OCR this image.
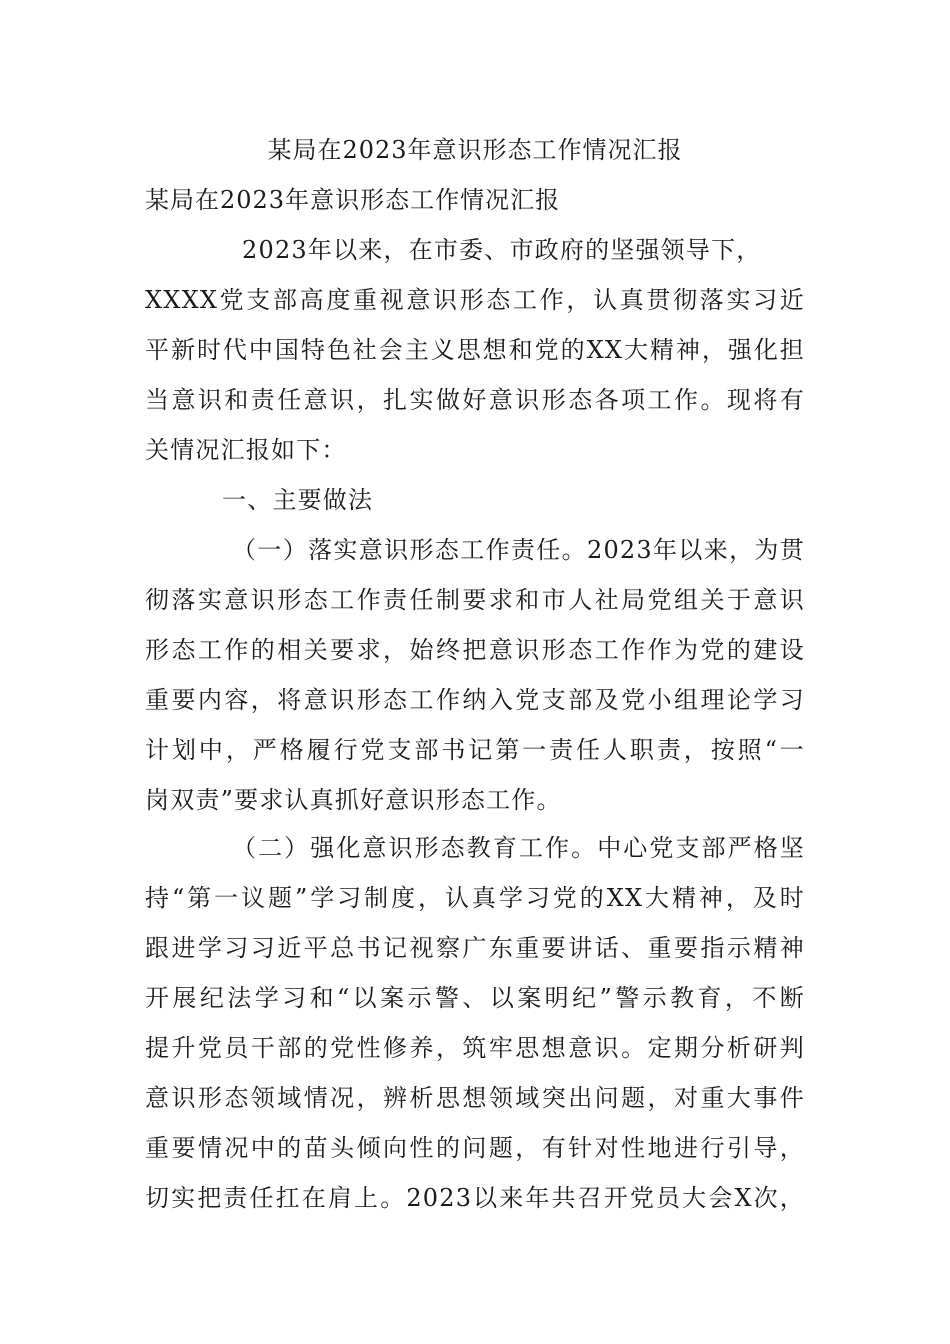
某局在2023年意识形态工作情况汇报

某局在2023年意识形态工作情况汇报

2023年以来，在市委、市政府的坚强领导下，

XXXX党支部高度重视意识形态工作，认真贯彻落实习近

平新时代中国特色社会主义思想和党的XX大精神，强化担

当意识和责任意识，扎实做好意识形态各项工作。现将有

关情况汇报如下：

一、主要做法

（一）落实意识形态工作责任。2023年以来，为贯

彻落实意识形态工作责任制要求和市人社局党组关于意识

形态工作的相关要求，始终把意识形态工作作为党的建设

重要内容，将意识形态工作纳入党支部及党小组理论学习

计划中，严格履行党支部书记第一责任人职责，按照“一

岗双责”要求认真抓好意识形态工作。

（二）强化意识形态教育工作。中心党支部严格坚

持“第一议题”学习制度，认真学习党的XX大精神，及时

跟进学习习近平总书记视察广东重要讲话、重要指示精神

开展纪法学习和“以案示警、以案明纪”警示教育，不断

提升党员干部的党性修养，筑牢思想意识。定期分析研判

意识形态领域情况，辨析思想领域突出问题，对重大事件

重要情况中的苗头倾向性的问题，有针对性地进行引导，

切实把责任扛在肩上。2023以来年共召开党员大会X次，
